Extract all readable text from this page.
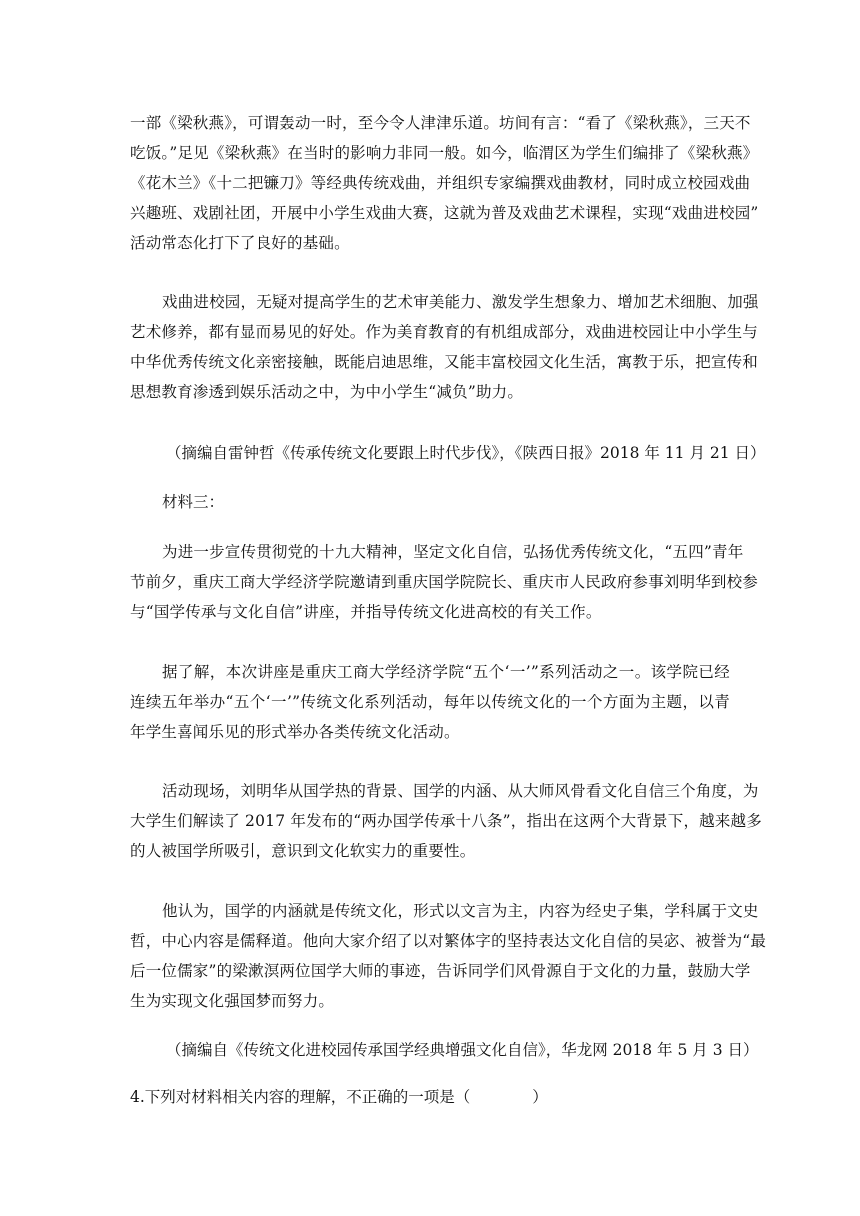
一部《梁秋燕》，可谓轰动一时，至今令人津津乐道。坊间有言：“看了《梁秋燕》，三天不
吃饭。”足见《梁秋燕》在当时的影响力非同一般。如今，临渭区为学生们编排了《梁秋燕》
《花木兰》《十二把镰刀》等经典传统戏曲，并组织专家编撰戏曲教材，同时成立校园戏曲
兴趣班、戏剧社团，开展中小学生戏曲大赛，这就为普及戏曲艺术课程，实现“戏曲进校园”
活动常态化打下了良好的基础。
戏曲进校园，无疑对提高学生的艺术审美能力、激发学生想象力、增加艺术细胞、加强
艺术修养，都有显而易见的好处。作为美育教育的有机组成部分，戏曲进校园让中小学生与
中华优秀传统文化亲密接触，既能启迪思维，又能丰富校园文化生活，寓教于乐，把宣传和
思想教育渗透到娱乐活动之中，为中小学生“减负”助力。
（摘编自雷钟哲《传承传统文化要跟上时代步伐》，《陕西日报》2018 年 11 月 21 日）
材料三：
为进一步宣传贯彻党的十九大精神，坚定文化自信，弘扬优秀传统文化，“五四”青年
节前夕，重庆工商大学经济学院邀请到重庆国学院院长、重庆市人民政府参事刘明华到校参
与“国学传承与文化自信”讲座，并指导传统文化进高校的有关工作。
据了解，本次讲座是重庆工商大学经济学院“五个‘一’”系列活动之一。该学院已经
连续五年举办“五个‘一’”传统文化系列活动，每年以传统文化的一个方面为主题，以青
年学生喜闻乐见的形式举办各类传统文化活动。
活动现场，刘明华从国学热的背景、国学的内涵、从大师风骨看文化自信三个角度，为
大学生们解读了 2017 年发布的“两办国学传承十八条”，指出在这两个大背景下，越来越多
的人被国学所吸引，意识到文化软实力的重要性。
他认为，国学的内涵就是传统文化，形式以文言为主，内容为经史子集，学科属于文史
哲，中心内容是儒释道。他向大家介绍了以对繁体字的坚持表达文化自信的吴宓、被誉为“最
后一位儒家”的梁漱溟两位国学大师的事迹，告诉同学们风骨源自于文化的力量，鼓励大学
生为实现文化强国梦而努力。
（摘编自《传统文化进校园传承国学经典增强文化自信》，华龙网 2018 年 5 月 3 日）
4.下列对材料相关内容的理解，不正确的一项是（　　　　）
